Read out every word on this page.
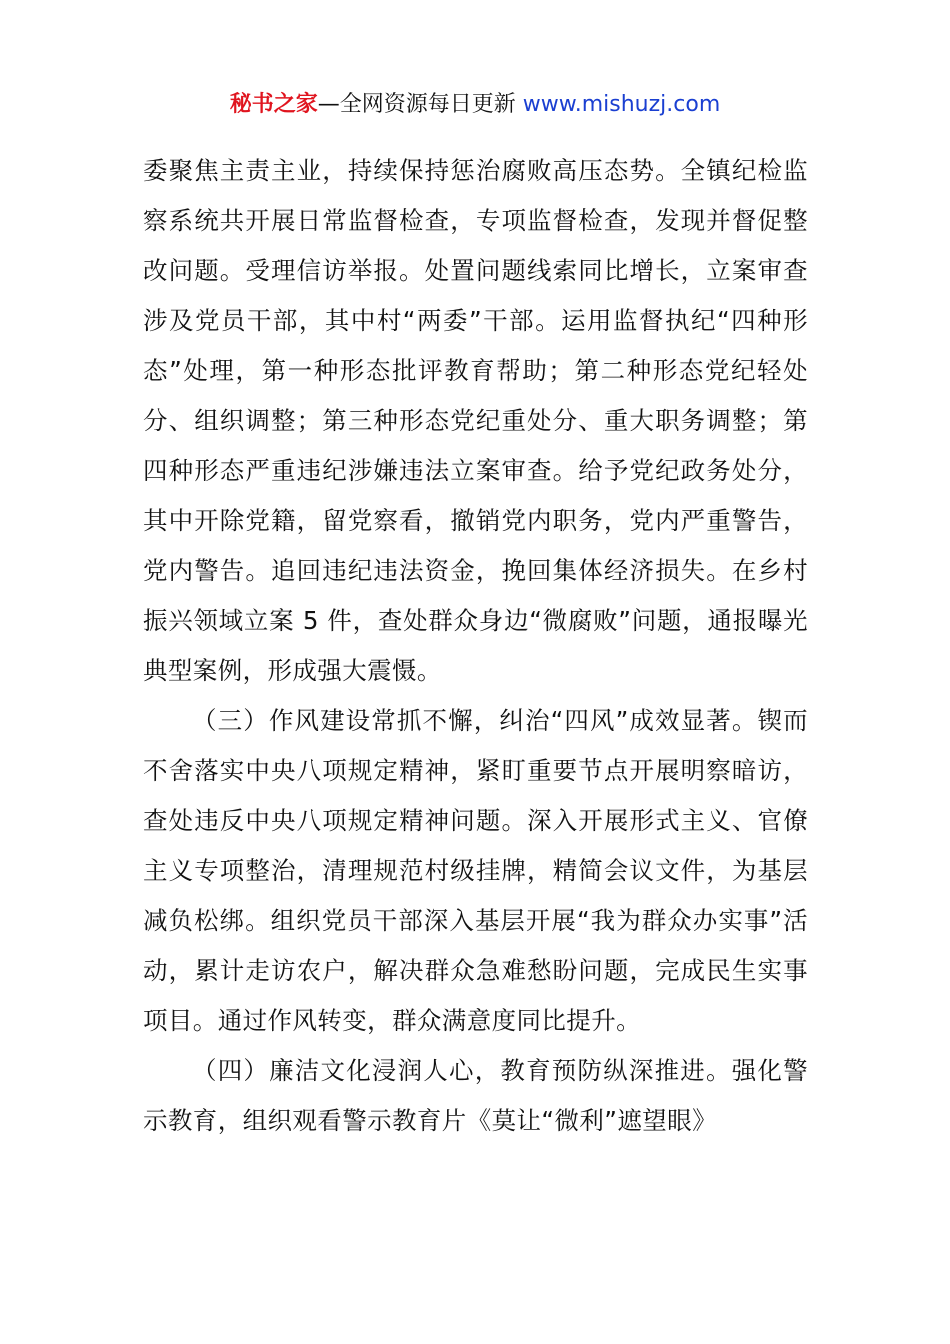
秘书之家—全网资源每日更新 www.mishuzj.com

委聚焦主责主业，持续保持惩治腐败高压态势。全镇纪检监察系统共开展日常监督检查，专项监督检查，发现并督促整改问题。受理信访举报。处置问题线索同比增长，立案审查涉及党员干部，其中村“两委”干部。运用监督执纪“四种形态”处理，第一种形态批评教育帮助；第二种形态党纪轻处分、组织调整；第三种形态党纪重处分、重大职务调整；第四种形态严重违纪涉嫌违法立案审查。给予党纪政务处分，其中开除党籍，留党察看，撤销党内职务，党内严重警告，党内警告。追回违纪违法资金，挽回集体经济损失。在乡村振兴领域立案 5 件，查处群众身边“微腐败”问题，通报曝光典型案例，形成强大震慑。

（三）作风建设常抓不懈，纠治“四风”成效显著。锲而不舍落实中央八项规定精神，紧盯重要节点开展明察暗访，查处违反中央八项规定精神问题。深入开展形式主义、官僚主义专项整治，清理规范村级挂牌，精简会议文件，为基层减负松绑。组织党员干部深入基层开展“我为群众办实事”活动，累计走访农户，解决群众急难愁盼问题，完成民生实事项目。通过作风转变，群众满意度同比提升。

（四）廉洁文化浸润人心，教育预防纵深推进。强化警示教育，组织观看警示教育片《莫让“微利”遮望眼》
